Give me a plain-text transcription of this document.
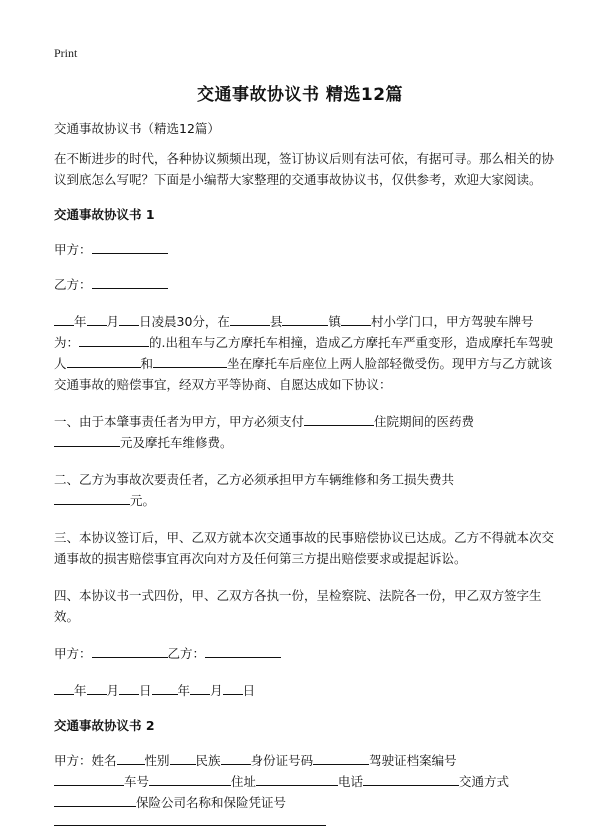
Print
交通事故协议书 精选12篇

交通事故协议书（精选12篇）

在不断进步的时代，各种协议频频出现，签订协议后则有法可依，有据可寻。那么相关的协议到底怎么写呢？下面是小编帮大家整理的交通事故协议书，仅供参考，欢迎大家阅读。

交通事故协议书 1

甲方：

乙方：

年 月 日凌晨30分，在	县	镇 村小学门口，甲方驾驶车牌号为：	的.出租车与乙方摩托车相撞，造成乙方摩托车严重变形，造成摩托车驾驶人	和	坐在摩托车后座位上两人脸部轻微受伤。现甲方与乙方就该交通事故的赔偿事宜，经双方平等协商、自愿达成如下协议：

一、由于本肇事责任者为甲方，甲方必须支付	住院期间的医药费
元及摩托车维修费。

二、乙方为事故次要责任者，乙方必须承担甲方车辆维修和务工损失费共
元。

三、本协议签订后，甲、乙双方就本次交通事故的民事赔偿协议已达成。乙方不得就本次交通事故的损害赔偿事宜再次向对方及任何第三方提出赔偿要求或提起诉讼。

四、本协议书一式四份，甲、乙双方各执一份，呈检察院、法院各一份，甲乙双方签字生效。

甲方：	乙方：

年 月 日 年 月 日

交通事故协议书 2

甲方：姓名 性别 民族 身份证号码	驾驶证档案编号
车号	住址	电话	交通方式
保险公司名称和保险凭证号
